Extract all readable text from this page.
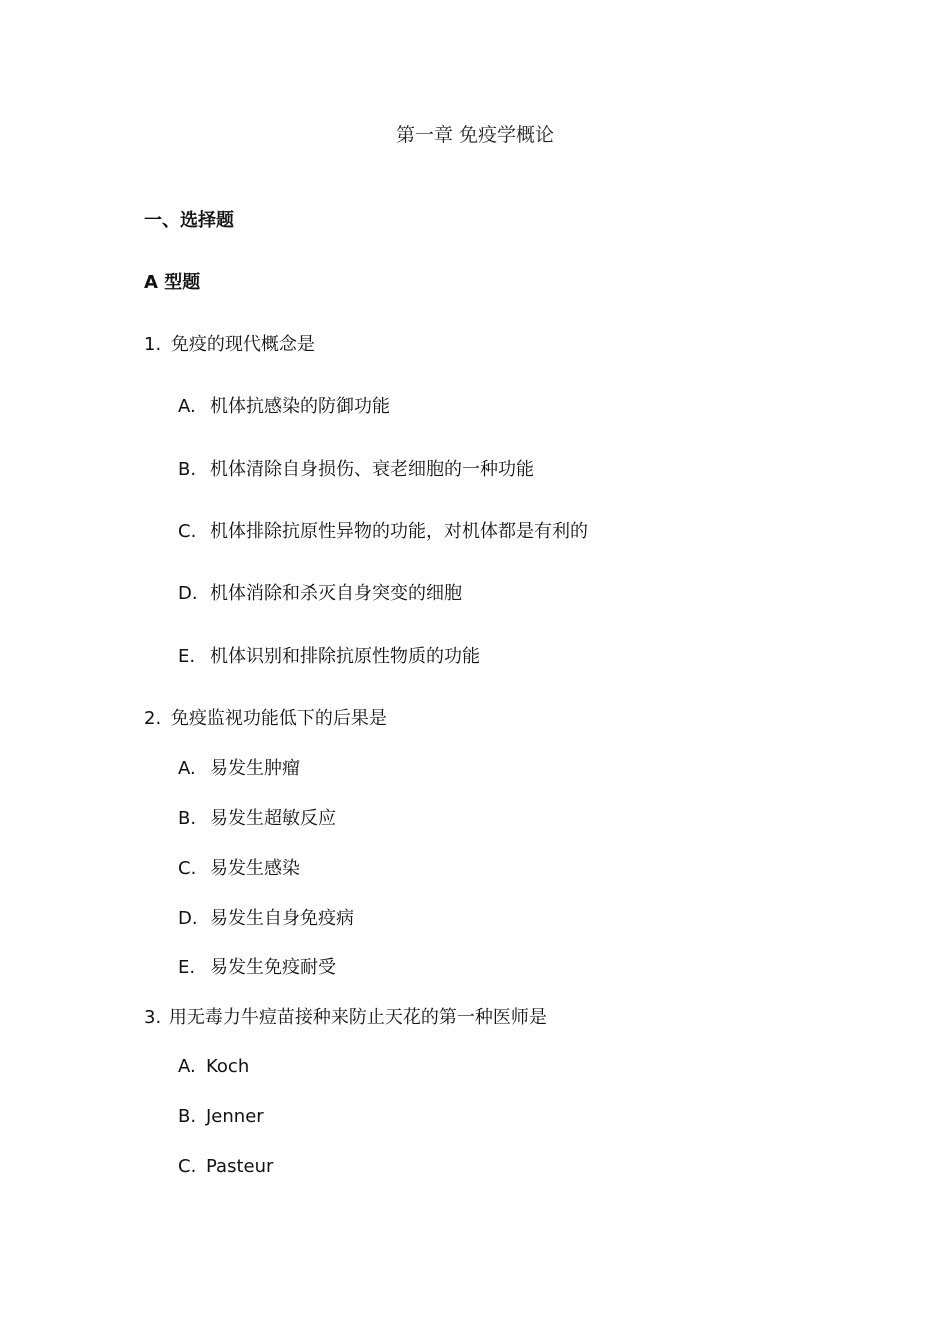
第一章 免疫学概论
一、选择题
A 型题
1. 免疫的现代概念是
A. 机体抗感染的防御功能
B. 机体清除自身损伤、衰老细胞的一种功能
C. 机体排除抗原性异物的功能，对机体都是有利的
D. 机体消除和杀灭自身突变的细胞
E. 机体识别和排除抗原性物质的功能
2. 免疫监视功能低下的后果是
A. 易发生肿瘤
B. 易发生超敏反应
C. 易发生感染
D. 易发生自身免疫病
E. 易发生免疫耐受
3. 用无毒力牛痘苗接种来防止天花的第一种医师是
A. Koch
B. Jenner
C. Pasteur
